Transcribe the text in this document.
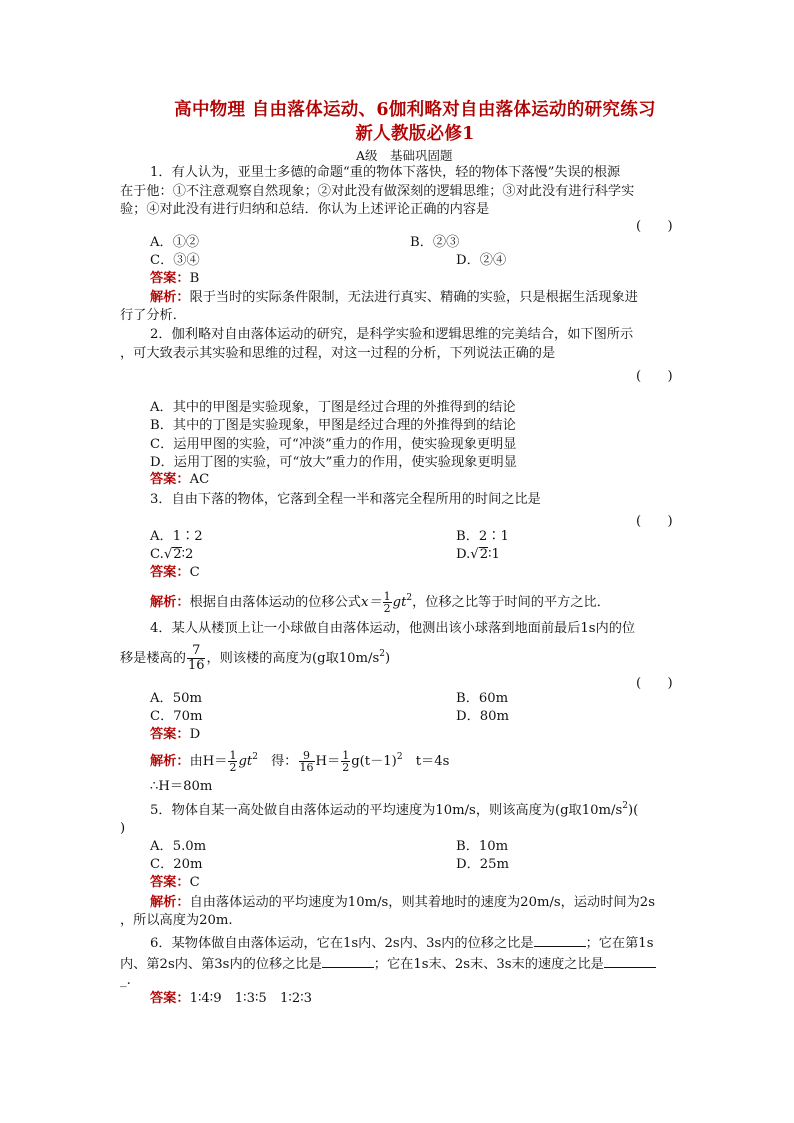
高中物理 自由落体运动、6伽利略对自由落体运动的研究练习
新人教版必修1
A级　基础巩固题
1．有人认为，亚里士多德的命题“重的物体下落快，轻的物体下落慢”失误的根源
在于他：①不注意观察自然现象；②对此没有做深刻的逻辑思维；③对此没有进行科学实
验；④对此没有进行归纳和总结．你认为上述评论正确的内容是
(　　)
A．①②	B．②③
C．③④	D．②④
答案：B
解析：限于当时的实际条件限制，无法进行真实、精确的实验，只是根据生活现象进
行了分析．
2．伽利略对自由落体运动的研究，是科学实验和逻辑思维的完美结合，如下图所示
，可大致表示其实验和思维的过程，对这一过程的分析，下列说法正确的是
(　　)
A．其中的甲图是实验现象，丁图是经过合理的外推得到的结论
B．其中的丁图是实验现象，甲图是经过合理的外推得到的结论
C．运用甲图的实验，可“冲淡”重力的作用，使实验现象更明显
D．运用丁图的实验，可“放大”重力的作用，使实验现象更明显
答案：AC
3．自由下落的物体，它落到全程一半和落完全程所用的时间之比是
(　　)
A．1∶2	B．2∶1
C.√2∶2	D.√2∶1
答案：C
解析：根据自由落体运动的位移公式$x= \frac{1}{2} gt^2$，位移之比等于时间的平方之比．
4．某人从楼顶上让一小球做自由落体运动，他测出该小球落到地面前最后1s内的位
移是楼高的 $\frac{7}{16}$ ，则该楼的高度为(g取$10m/s^2$)
(　　)
A．50m	B．60m
C．70m	D．80m
答案：D
解析：由$H= \frac{1}{2} gt^2$　得： $\frac{9}{16} H= \frac{1}{2} g(t-1)^2$　t＝4s
∴H＝80m
5．物体自某一高处做自由落体运动的平均速度为10m/s，则该高度为(g取$10m/s^2$)(
)
A．5.0m	B．10m
C．20m	D．25m
答案：C
解析：自由落体运动的平均速度为10m/s，则其着地时的速度为20m/s，运动时间为2s
，所以高度为20m.
6．某物体做自由落体运动，它在1s内、2s内、3s内的位移之比是	；它在第1s
内、第2s内、第3s内的位移之比是	；它在1s末、2s末、3s末的速度之比是
_.
答案：1∶4∶9　1∶3∶5　1∶2∶3
